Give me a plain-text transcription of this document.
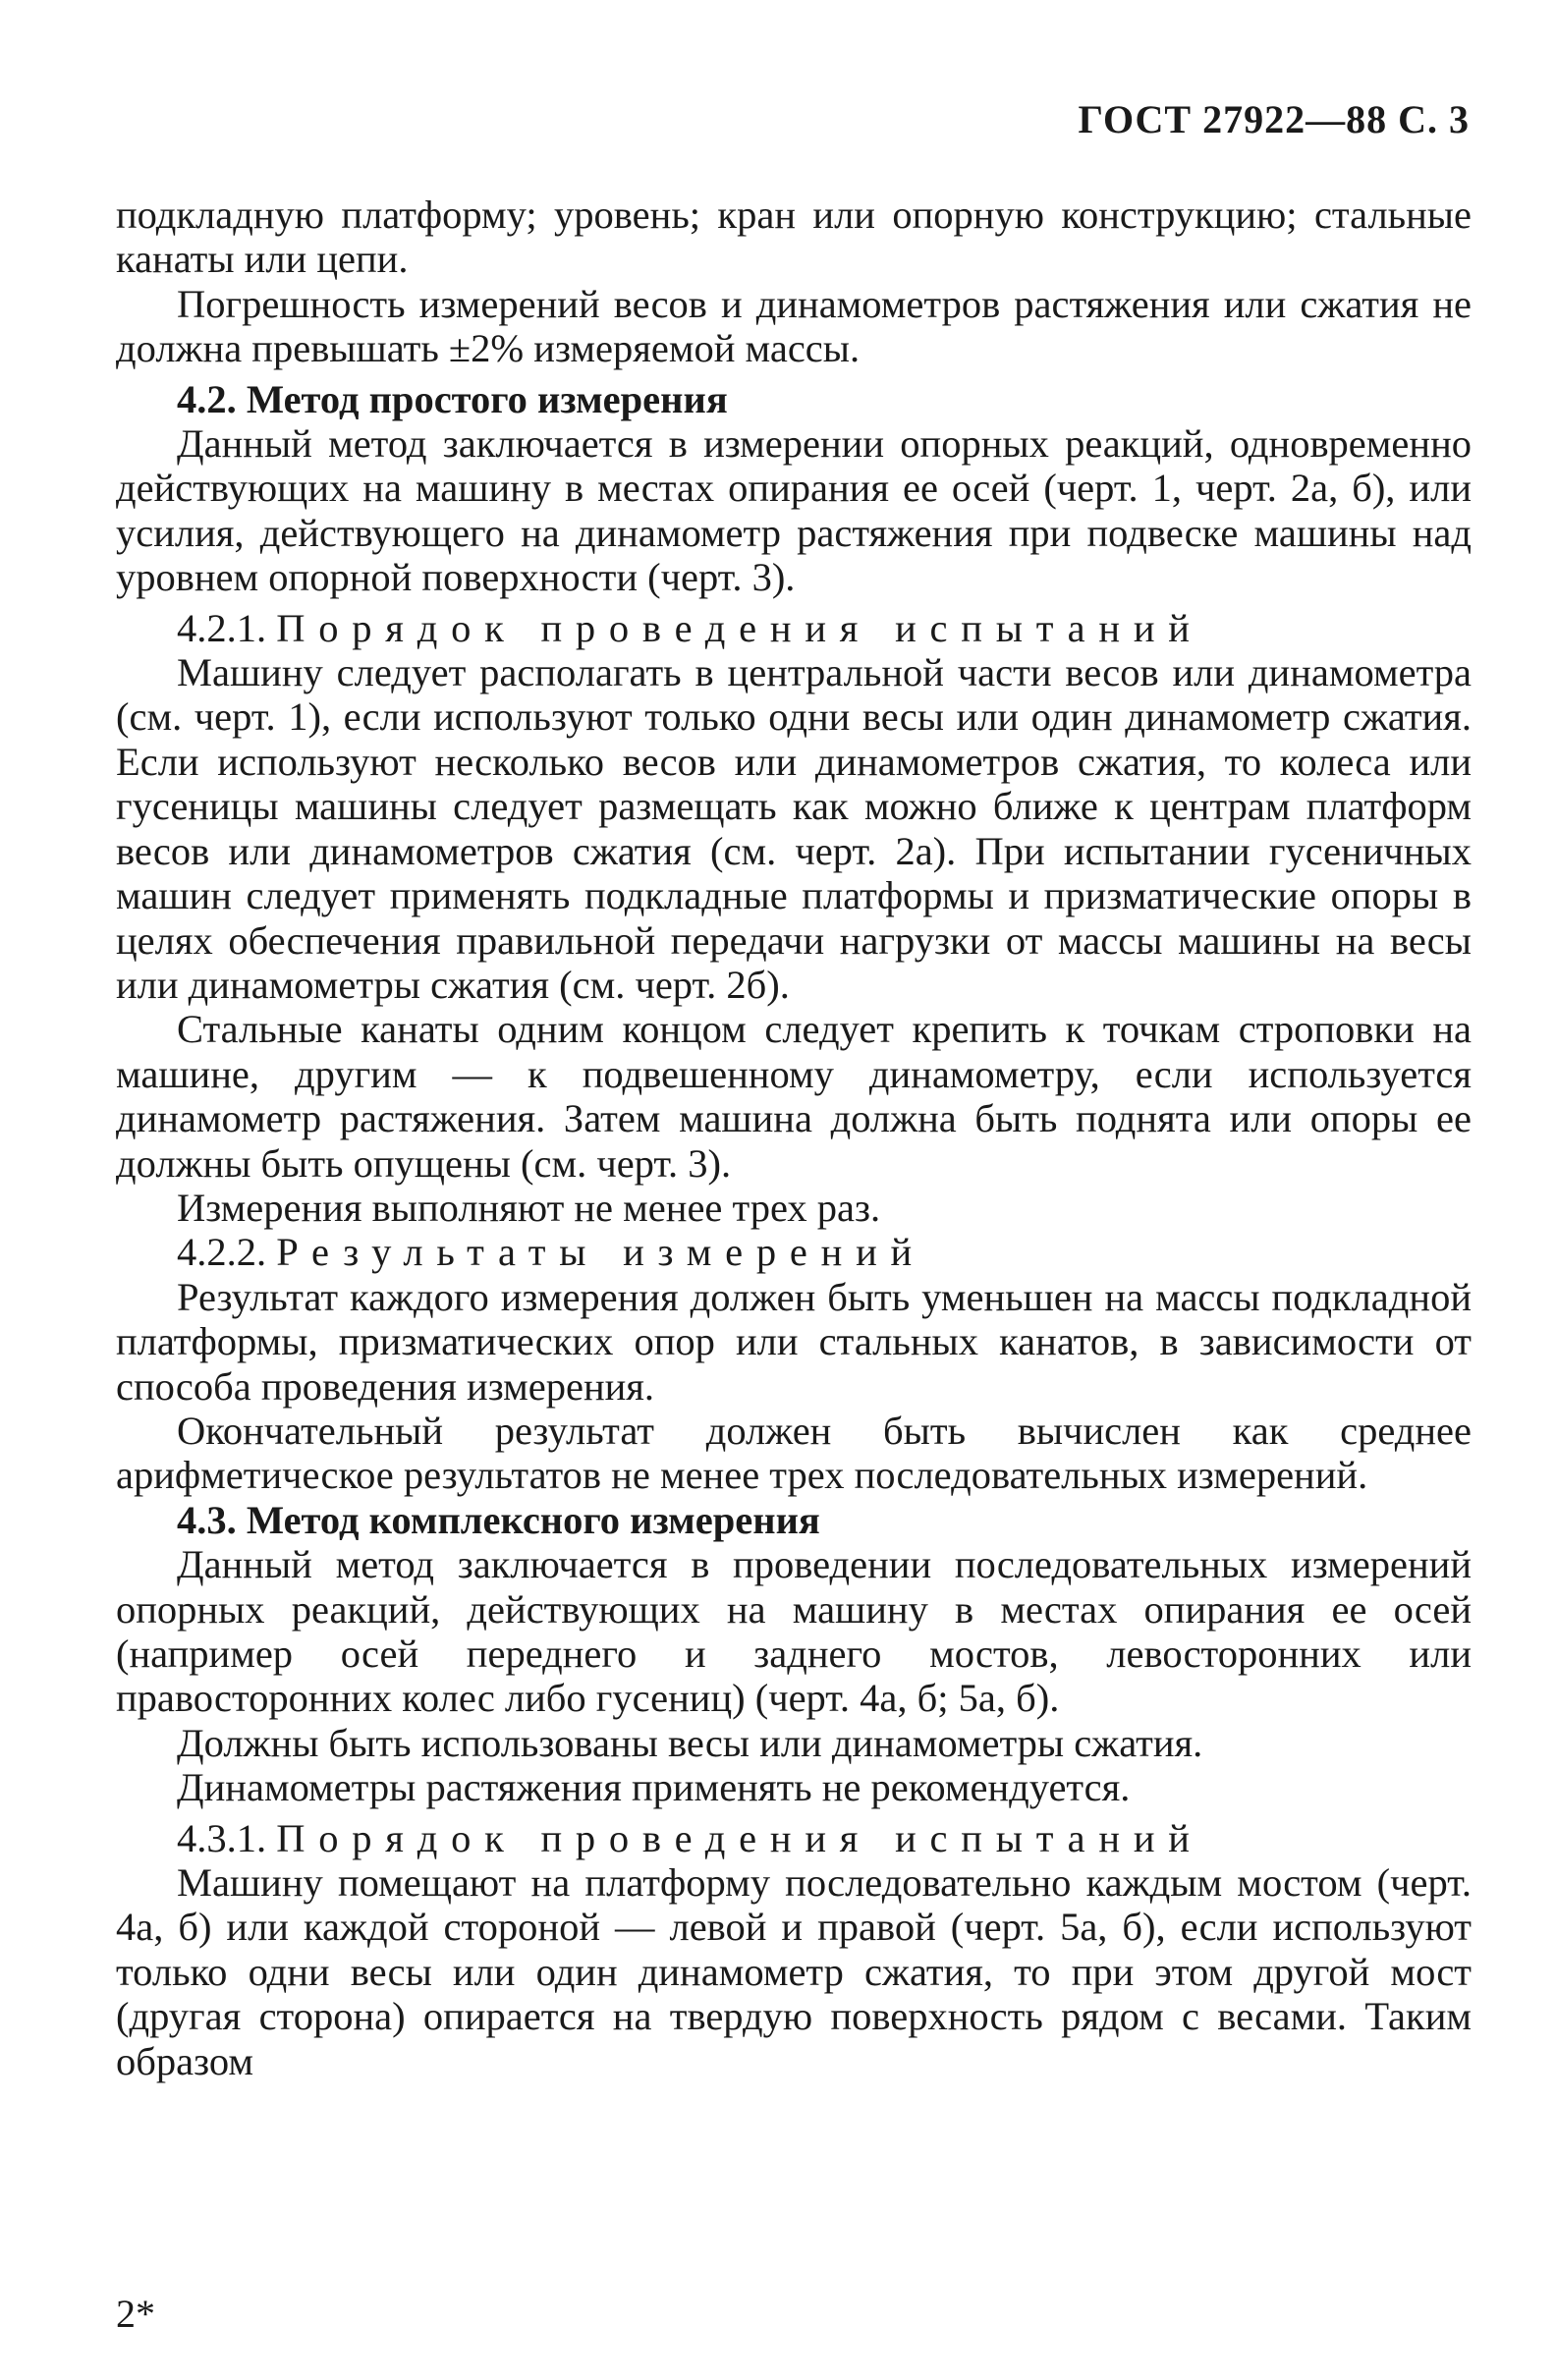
ГОСТ 27922—88 С. 3

подкладную платформу; уровень; кран или опорную конструкцию; стальные канаты или цепи.

Погрешность измерений весов и динамометров растяжения или сжатия не должна превышать ±2% измеряемой массы.

4.2. Метод простого измерения

Данный метод заключается в измерении опорных реакций, одновременно действующих на машину в местах опирания ее осей (черт. 1, черт. 2а, б), или усилия, действующего на динамометр растяжения при подвеске машины над уровнем опорной поверхности (черт. 3).

4.2.1. Порядок проведения испытаний

Машину следует располагать в центральной части весов или динамометра (см. черт. 1), если используют только одни весы или один динамометр сжатия. Если используют несколько весов или динамометров сжатия, то колеса или гусеницы машины следует размещать как можно ближе к центрам платформ весов или динамометров сжатия (см. черт. 2а). При испытании гусеничных машин следует применять подкладные платформы и призматические опоры в целях обеспечения правильной передачи нагрузки от массы машины на весы или динамометры сжатия (см. черт. 2б).

Стальные канаты одним концом следует крепить к точкам строповки на машине, другим — к подвешенному динамометру, если используется динамометр растяжения. Затем машина должна быть поднята или опоры ее должны быть опущены (см. черт. 3).

Измерения выполняют не менее трех раз.

4.2.2. Результаты измерений

Результат каждого измерения должен быть уменьшен на массы подкладной платформы, призматических опор или стальных канатов, в зависимости от способа проведения измерения.

Окончательный результат должен быть вычислен как среднее арифметическое результатов не менее трех последовательных измерений.

4.3. Метод комплексного измерения

Данный метод заключается в проведении последовательных измерений опорных реакций, действующих на машину в местах опирания ее осей (например осей переднего и заднего мостов, левосторонних или правосторонних колес либо гусениц) (черт. 4а, б; 5а, б).

Должны быть использованы весы или динамометры сжатия.

Динамометры растяжения применять не рекомендуется.

4.3.1. Порядок проведения испытаний

Машину помещают на платформу последовательно каждым мостом (черт. 4а, б) или каждой стороной — левой и правой (черт. 5а, б), если используют только одни весы или один динамометр сжатия, то при этом другой мост (другая сторона) опирается на твердую поверхность рядом с весами. Таким образом

2*
